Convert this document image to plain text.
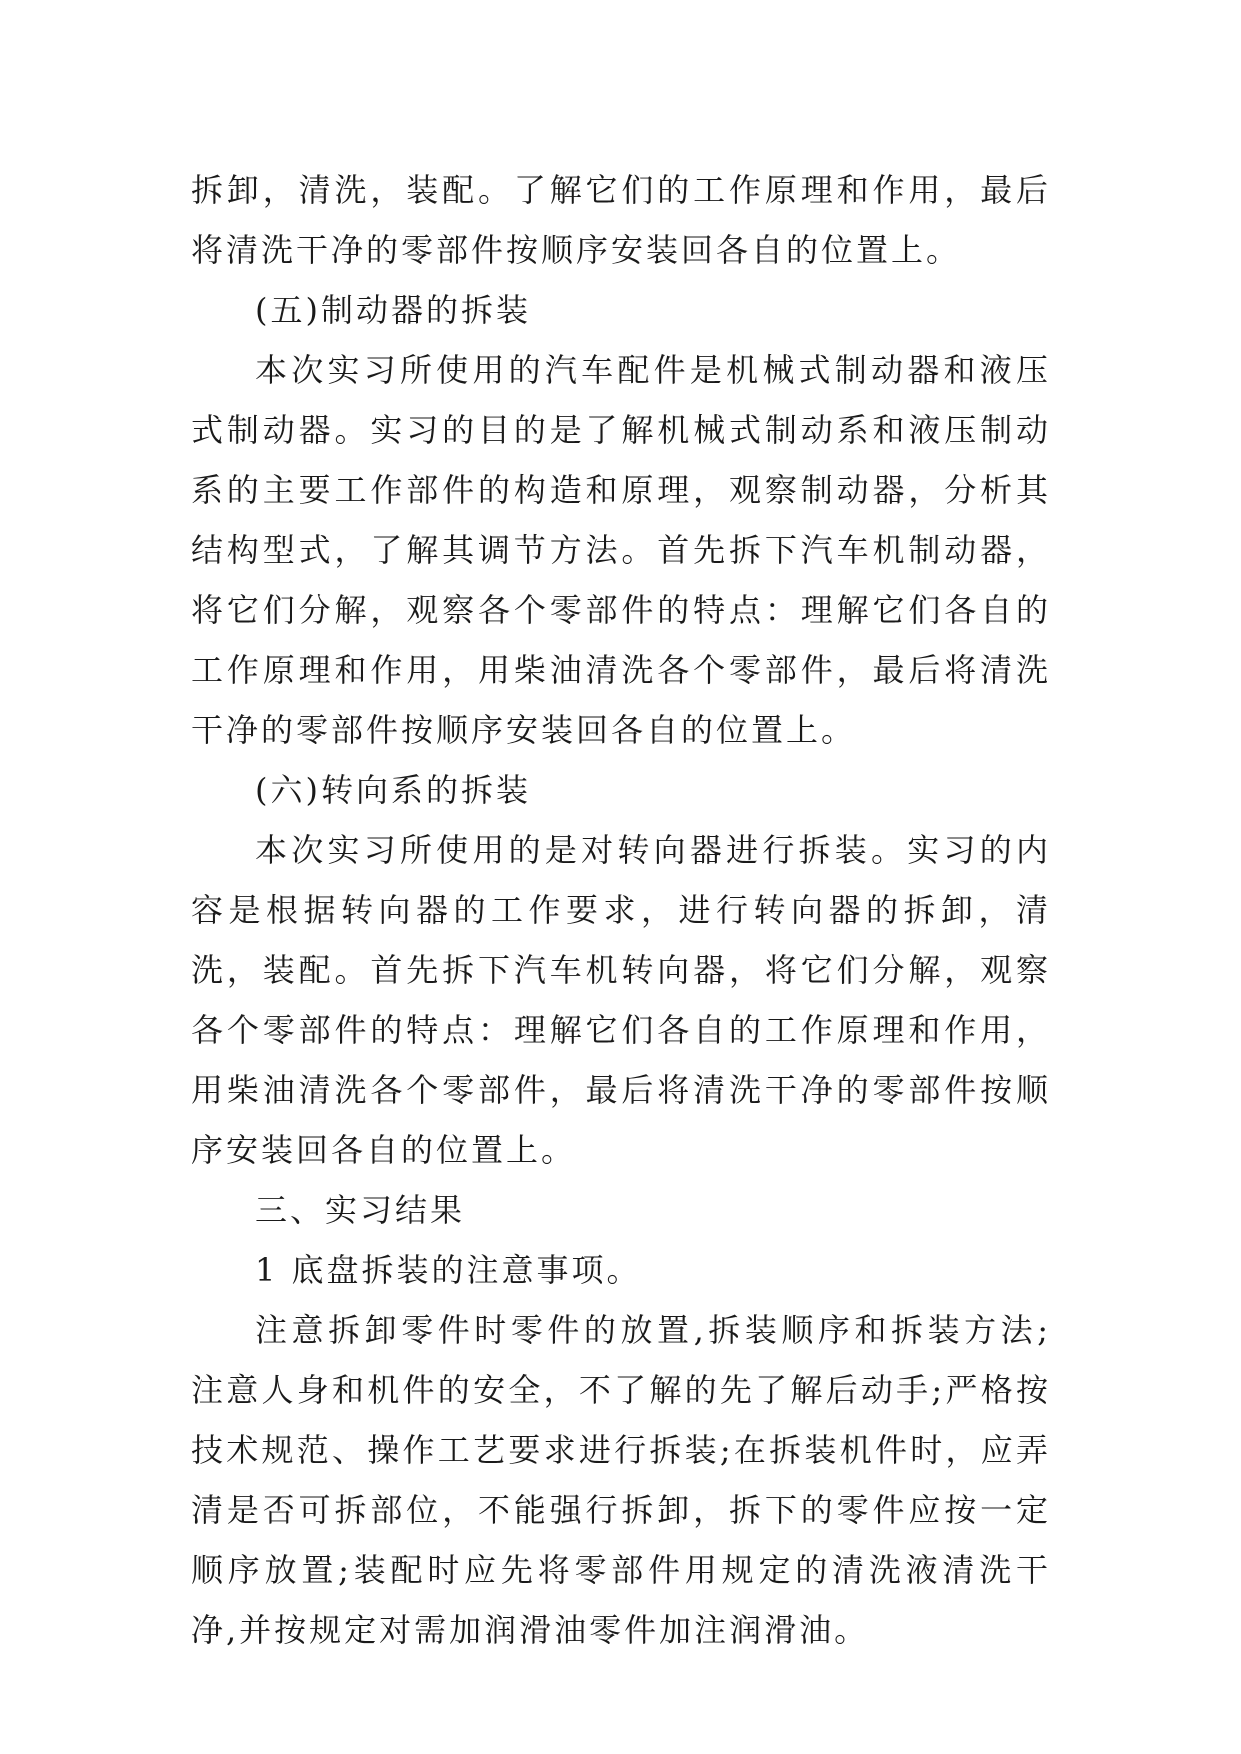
拆卸，清洗，装配。了解它们的工作原理和作用，最后将清洗干净的零部件按顺序安装回各自的位置上。

(五)制动器的拆装

本次实习所使用的汽车配件是机械式制动器和液压式制动器。实习的目的是了解机械式制动系和液压制动系的主要工作部件的构造和原理，观察制动器，分析其结构型式，了解其调节方法。首先拆下汽车机制动器，将它们分解，观察各个零部件的特点：理解它们各自的工作原理和作用，用柴油清洗各个零部件，最后将清洗干净的零部件按顺序安装回各自的位置上。

(六)转向系的拆装

本次实习所使用的是对转向器进行拆装。实习的内容是根据转向器的工作要求，进行转向器的拆卸，清洗，装配。首先拆下汽车机转向器，将它们分解，观察各个零部件的特点：理解它们各自的工作原理和作用，用柴油清洗各个零部件，最后将清洗干净的零部件按顺序安装回各自的位置上。

三、实习结果

1 底盘拆装的注意事项。

注意拆卸零件时零件的放置,拆装顺序和拆装方法;注意人身和机件的安全，不了解的先了解后动手;严格按技术规范、操作工艺要求进行拆装;在拆装机件时，应弄清是否可拆部位，不能强行拆卸，拆下的零件应按一定顺序放置;装配时应先将零部件用规定的清洗液清洗干净,并按规定对需加润滑油零件加注润滑油。
